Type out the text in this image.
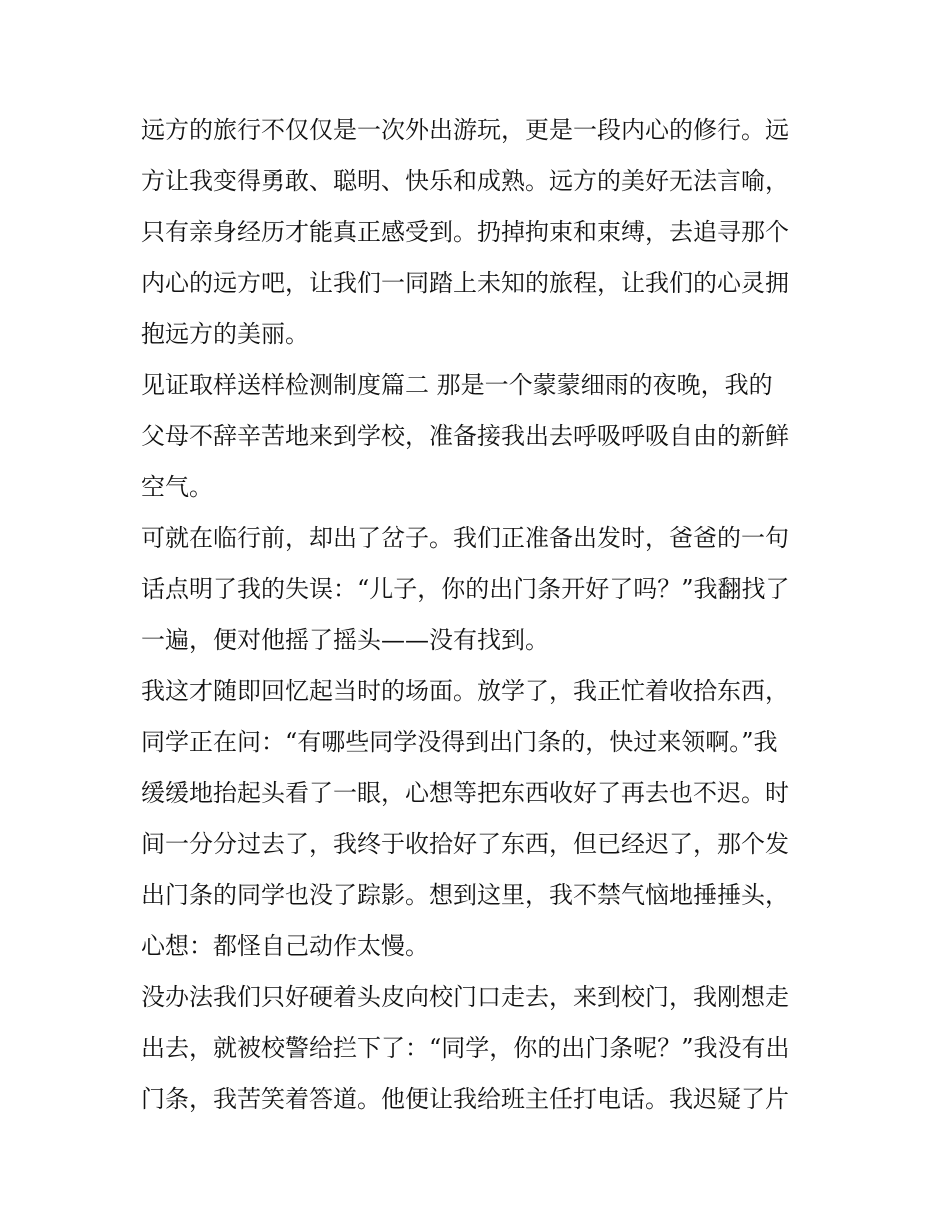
远方的旅行不仅仅是一次外出游玩，更是一段内心的修行。远
方让我变得勇敢、聪明、快乐和成熟。远方的美好无法言喻，
只有亲身经历才能真正感受到。扔掉拘束和束缚，去追寻那个
内心的远方吧，让我们一同踏上未知的旅程，让我们的心灵拥
抱远方的美丽。
见证取样送样检测制度篇二 那是一个蒙蒙细雨的夜晚，我的
父母不辞辛苦地来到学校，准备接我出去呼吸呼吸自由的新鲜
空气。
可就在临行前，却出了岔子。我们正准备出发时，爸爸的一句
话点明了我的失误：“儿子，你的出门条开好了吗？”我翻找了
一遍，便对他摇了摇头——没有找到。
我这才随即回忆起当时的场面。放学了，我正忙着收拾东西，
同学正在问：“有哪些同学没得到出门条的，快过来领啊。”我
缓缓地抬起头看了一眼，心想等把东西收好了再去也不迟。时
间一分分过去了，我终于收拾好了东西，但已经迟了，那个发
出门条的同学也没了踪影。想到这里，我不禁气恼地捶捶头，
心想：都怪自己动作太慢。
没办法我们只好硬着头皮向校门口走去，来到校门，我刚想走
出去，就被校警给拦下了：“同学，你的出门条呢？”我没有出
门条，我苦笑着答道。他便让我给班主任打电话。我迟疑了片
